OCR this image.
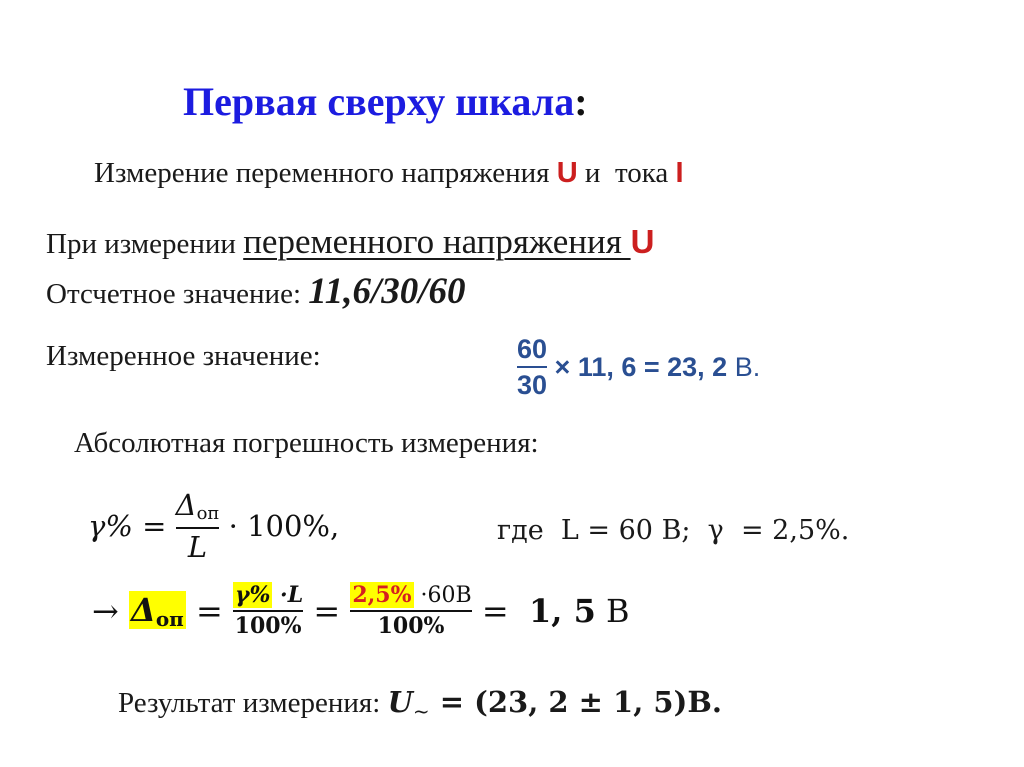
Первая сверху шкала:
Измерение переменного напряжения U и  тока I
При измерении переменного напряжения U
Отсчетное значение: 11,6/30/60
Измеренное значение:	$\frac{60}{30} \times 11$, 6 = 23, 2 В.
Абсолютная погрешность измерения:
$\gamma\% = \frac{\Delta_{оп}}{L} \cdot 100\%$,	где  L = 60 В;  γ  = 2,5%.
→ $\Delta оп = \frac{\gamma\% \cdot L}{100\%} = \frac{2,5\% \cdot 60В}{100\%} = 1$, 5 В
Результат измерения: $U_\sim = (23$, 2 ± 1, 5)В.
